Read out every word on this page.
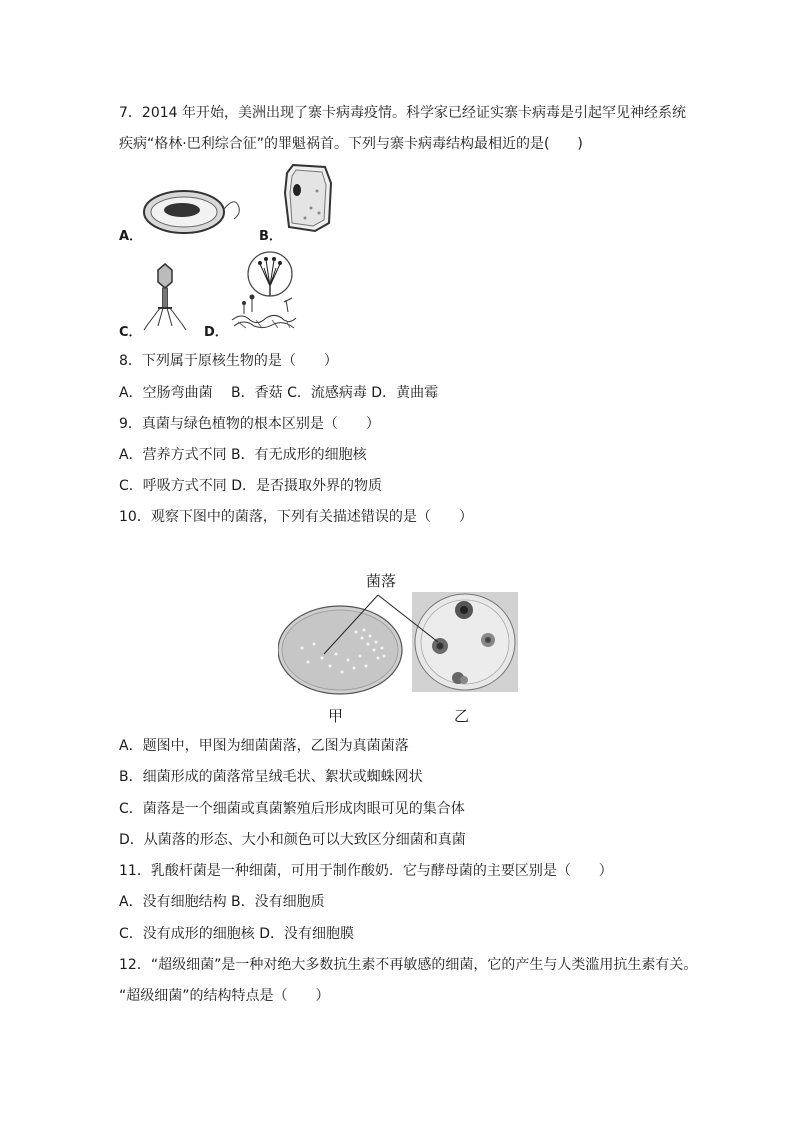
7．2014 年开始，美洲出现了寨卡病毒疫情。科学家已经证实寨卡病毒是引起罕见神经系统
疾病“格林·巴利综合征”的罪魁祸首。下列与寨卡病毒结构最相近的是(　　)
A．	B．
C．	D．
8．下列属于原核生物的是（　　）
A．空肠弯曲菌　 B．香菇 C．流感病毒 D．黄曲霉
9．真菌与绿色植物的根本区别是（　　）
A．营养方式不同 B．有无成形的细胞核
C．呼吸方式不同 D．是否摄取外界的物质
10．观察下图中的菌落，下列有关描述错误的是（　　）
菌落
甲	乙
A．题图中，甲图为细菌菌落，乙图为真菌菌落
B．细菌形成的菌落常呈绒毛状、絮状或蜘蛛网状
C．菌落是一个细菌或真菌繁殖后形成肉眼可见的集合体
D．从菌落的形态、大小和颜色可以大致区分细菌和真菌
11．乳酸杆菌是一种细菌，可用于制作酸奶．它与酵母菌的主要区别是（　　）
A．没有细胞结构 B．没有细胞质
C．没有成形的细胞核 D．没有细胞膜
12．“超级细菌”是一种对绝大多数抗生素不再敏感的细菌，它的产生与人类滥用抗生素有关。
“超级细菌”的结构特点是（　　）
